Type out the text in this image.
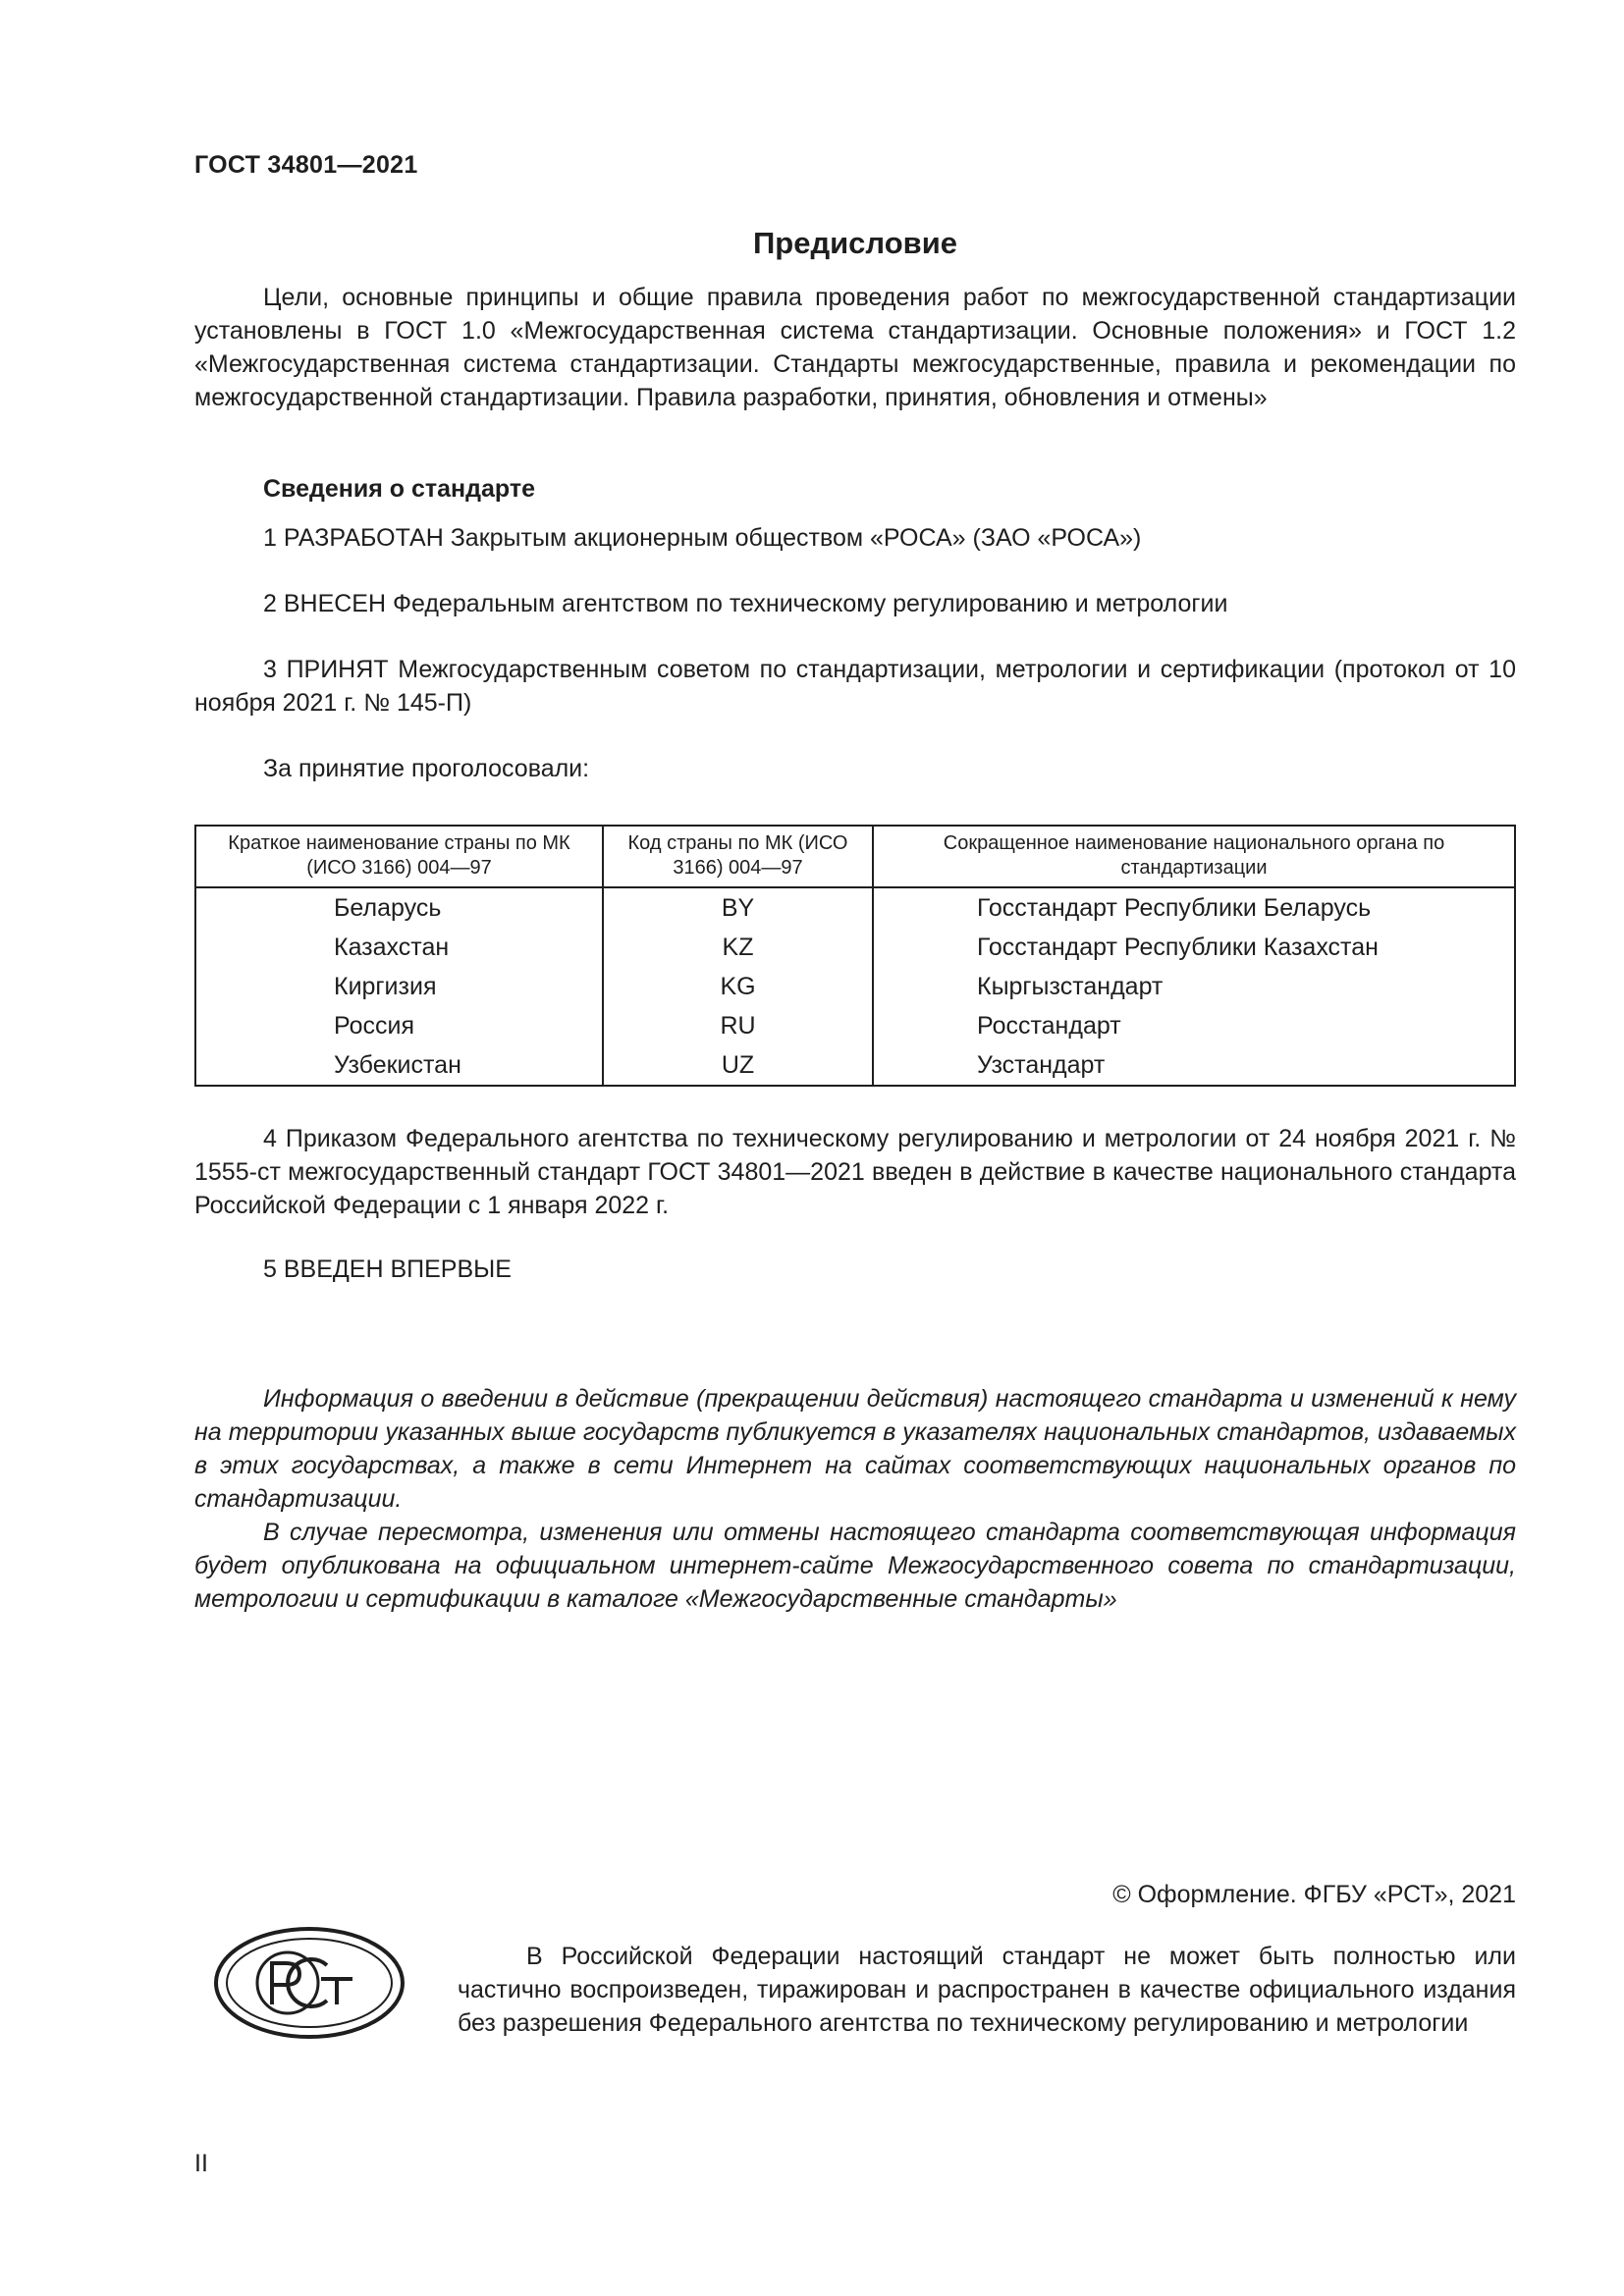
ГОСТ 34801—2021
Предисловие
Цели, основные принципы и общие правила проведения работ по межгосударственной стандартизации установлены в ГОСТ 1.0 «Межгосударственная система стандартизации. Основные положения» и ГОСТ 1.2 «Межгосударственная система стандартизации. Стандарты межгосударственные, правила и рекомендации по межгосударственной стандартизации. Правила разработки, принятия, обновления и отмены»
Сведения о стандарте
1 РАЗРАБОТАН Закрытым акционерным обществом «РОСА» (ЗАО «РОСА»)
2 ВНЕСЕН Федеральным агентством по техническому регулированию и метрологии
3 ПРИНЯТ Межгосударственным советом по стандартизации, метрологии и сертификации (протокол от 10 ноября 2021 г. № 145-П)
За принятие проголосовали:
Краткое наименование страны по МК (ИСО 3166) 004—97	Код страны по МК (ИСО 3166) 004—97	Сокращенное наименование национального органа по стандартизации
Беларусь	BY	Госстандарт Республики Беларусь
Казахстан	KZ	Госстандарт Республики Казахстан
Киргизия	KG	Кыргызстандарт
Россия	RU	Росстандарт
Узбекистан	UZ	Узстандарт
4 Приказом Федерального агентства по техническому регулированию и метрологии от 24 ноября 2021 г. № 1555-ст межгосударственный стандарт ГОСТ 34801—2021 введен в действие в качестве национального стандарта Российской Федерации с 1 января 2022 г.
5 ВВЕДЕН ВПЕРВЫЕ

Информация о введении в действие (прекращении действия) настоящего стандарта и изменений к нему на территории указанных выше государств публикуется в указателях национальных стандартов, издаваемых в этих государствах, а также в сети Интернет на сайтах соответствующих национальных органов по стандартизации.

В случае пересмотра, изменения или отмены настоящего стандарта соответствующая информация будет опубликована на официальном интернет-сайте Межгосударственного совета по стандартизации, метрологии и сертификации в каталоге «Межгосударственные стандарты»

© Оформление. ФГБУ «РСТ», 2021
В Российской Федерации настоящий стандарт не может быть полностью или частично воспроизведен, тиражирован и распространен в качестве официального издания без разрешения Федерального агентства по техническому регулированию и метрологии
II
